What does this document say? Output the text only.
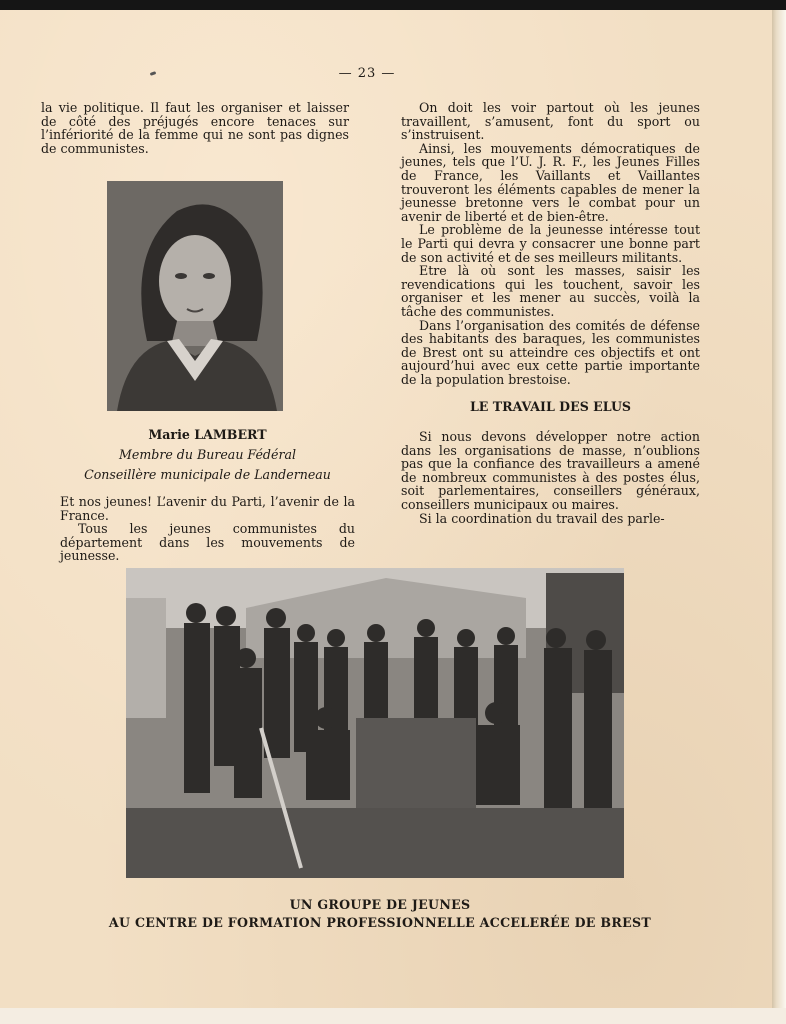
— 23 —

la vie politique. Il faut les organiser et laisser de côté des préjugés encore tenaces sur l’infériorité de la femme qui ne sont pas dignes de communistes.

Marie LAMBERT
Membre du Bureau Fédéral
Conseillère municipale de Landerneau

Et nos jeunes! L’avenir du Parti, l’avenir de la France.

Tous les jeunes communistes du département dans les mouvements de jeunesse.

On doit les voir partout où les jeunes travaillent, s’amusent, font du sport ou s’instruisent.

Ainsi, les mouvements démocratiques de jeunes, tels que l’U. J. R. F., les Jeunes Filles de France, les Vaillants et Vaillantes trouveront les éléments capables de mener la jeunesse bretonne vers le combat pour un avenir de liberté et de bien-être.

Le problème de la jeunesse intéresse tout le Parti qui devra y consacrer une bonne part de son activité et de ses meilleurs militants.

Etre là où sont les masses, saisir les revendications qui les touchent, savoir les organiser et les mener au succès, voilà la tâche des communistes.

Dans l’organisation des comités de défense des habitants des baraques, les communistes de Brest ont su atteindre ces objectifs et ont aujourd’hui avec eux cette partie importante de la population brestoise.

LE TRAVAIL DES ELUS

Si nous devons développer notre action dans les organisations de masse, n’oublions pas que la confiance des travailleurs a amené de nombreux communistes à des postes élus, soit parlementaires, conseillers généraux, conseillers municipaux ou maires.

Si la coordination du travail des parle-

UN GROUPE DE JEUNES
AU CENTRE DE FORMATION PROFESSIONNELLE ACCELERÉE DE BREST
